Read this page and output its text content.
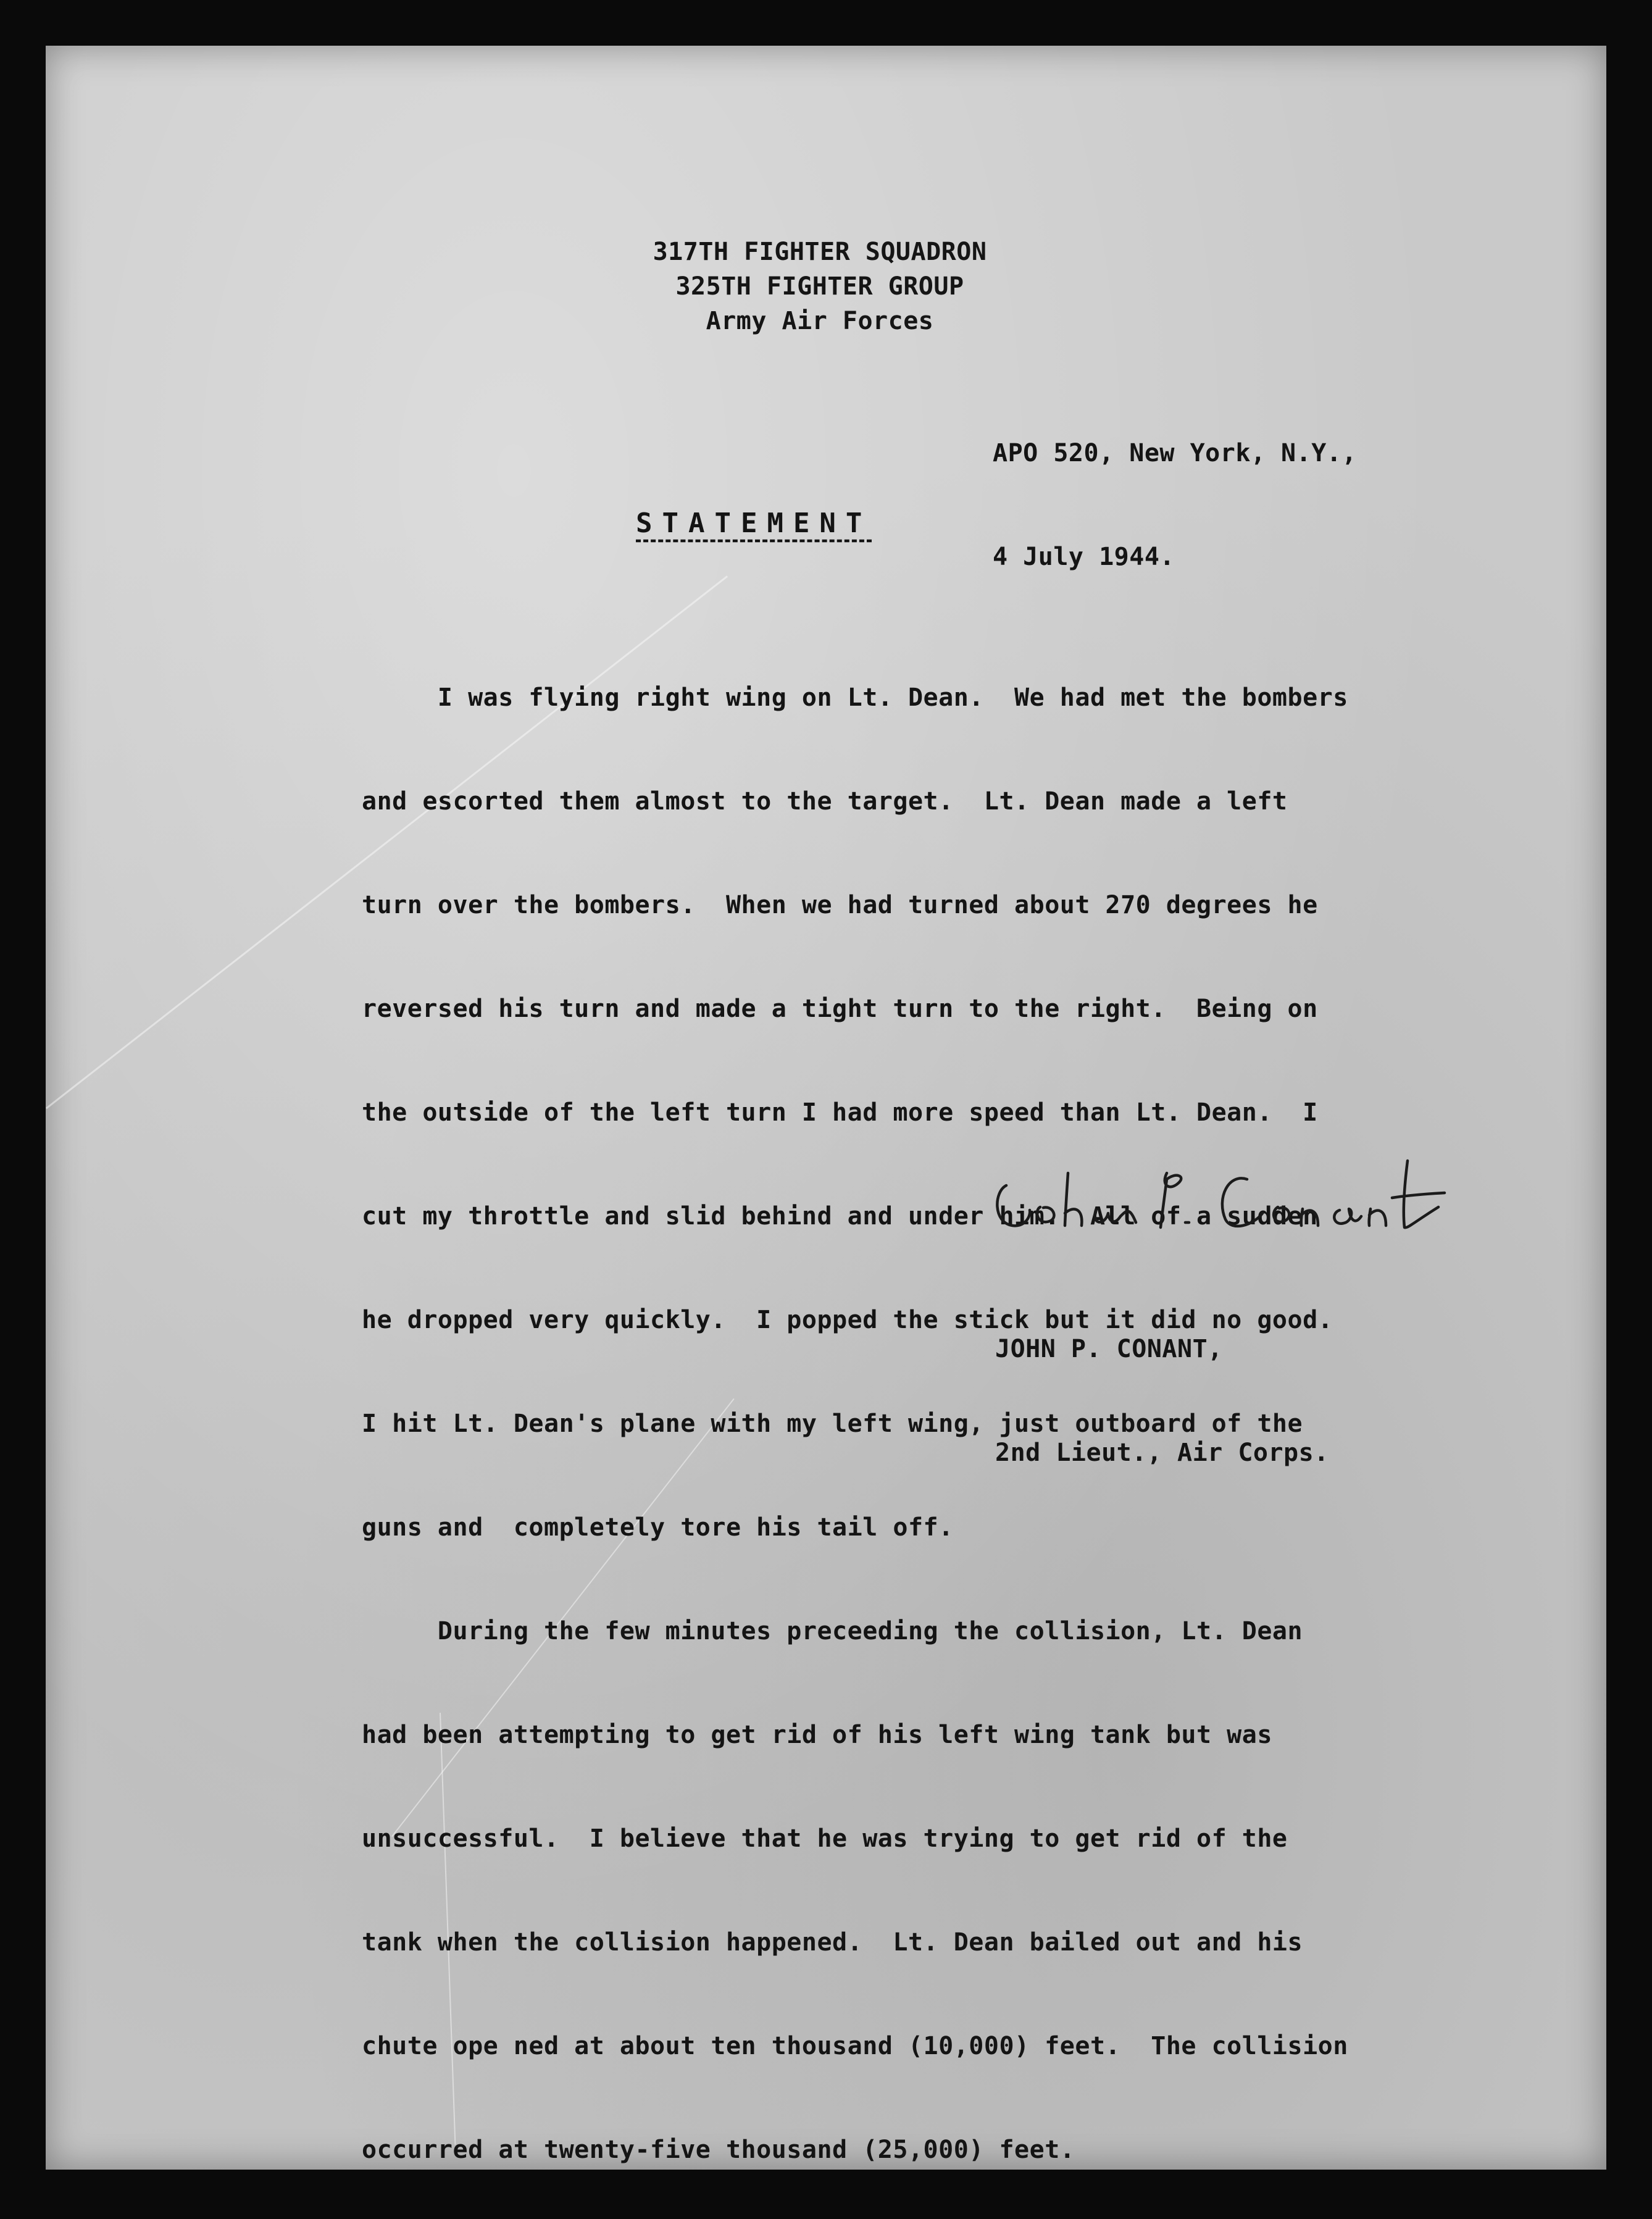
317TH FIGHTER SQUADRON
325TH FIGHTER GROUP
Army Air Forces

APO 520, New York, N.Y.,

4 July 1944.

STATEMENT

I was flying right wing on Lt. Dean.  We had met the bombers

and escorted them almost to the target.  Lt. Dean made a left

turn over the bombers.  When we had turned about 270 degrees he

reversed his turn and made a tight turn to the right.  Being on

the outside of the left turn I had more speed than Lt. Dean.  I

cut my throttle and slid behind and under him.  All of a sudden

he dropped very quickly.  I popped the stick but it did no good.

I hit Lt. Dean's plane with my left wing, just outboard of the

guns and  completely tore his tail off.

During the few minutes preceeding the collision, Lt. Dean

had been attempting to get rid of his left wing tank but was

unsuccessful.  I believe that he was trying to get rid of the

tank when the collision happened.  Lt. Dean bailed out and his

chute ope ned at about ten thousand (10,000) feet.  The collision

occurred at twenty-five thousand (25,000) feet.

JOHN P. CONANT,

2nd Lieut., Air Corps.
